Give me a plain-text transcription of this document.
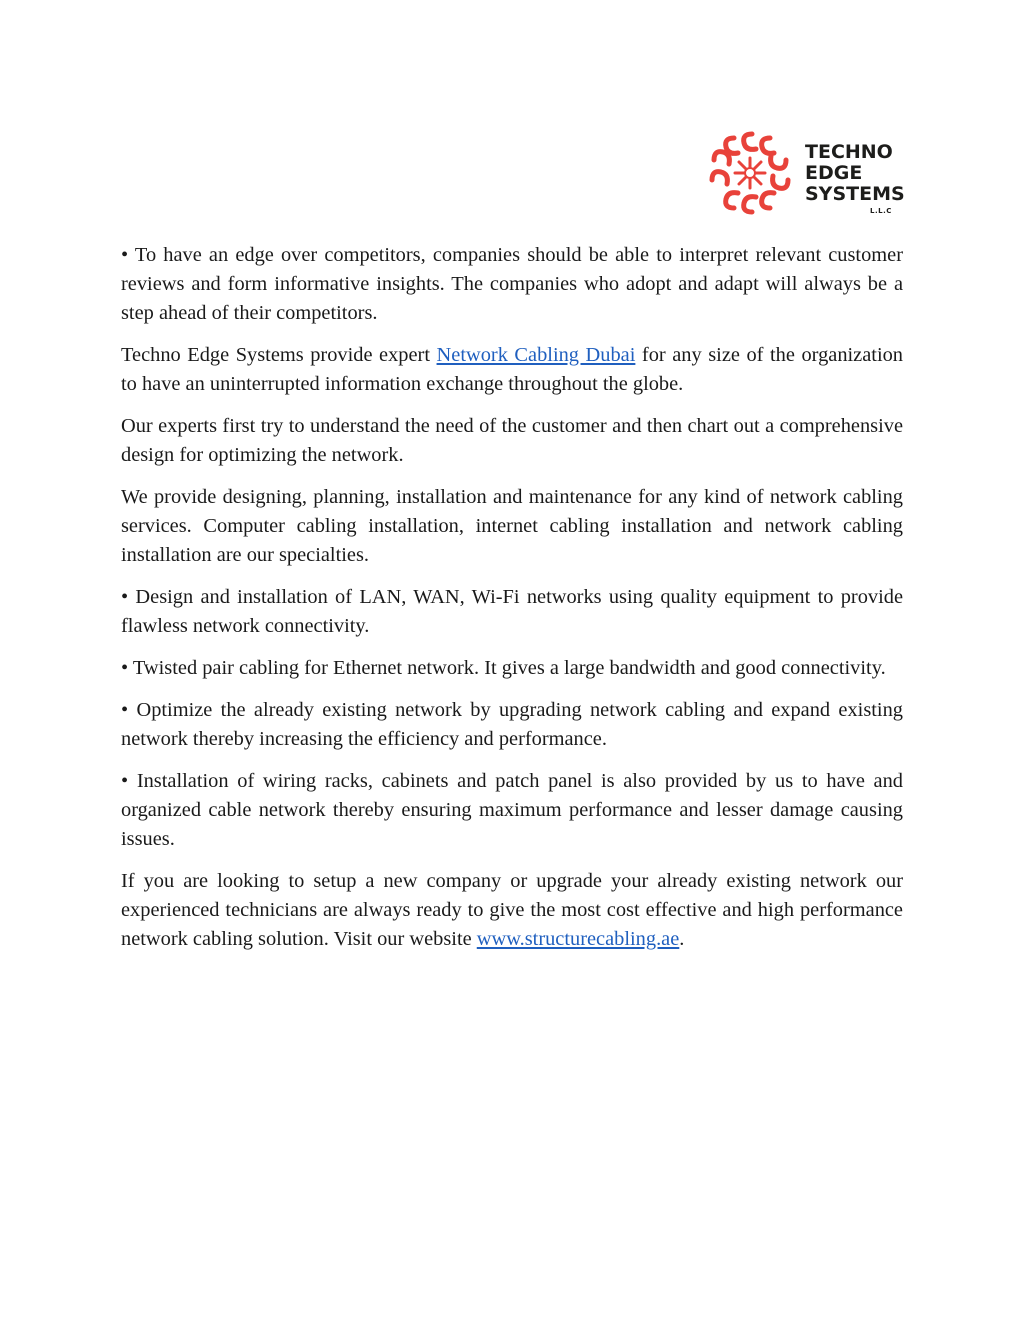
TECHNO
EDGE
SYSTEMS
L.L.C

• To have an edge over competitors, companies should be able to interpret relevant customer reviews and form informative insights. The companies who adopt and adapt will always be a step ahead of their competitors.

Techno Edge Systems provide expert Network Cabling Dubai for any size of the organization to have an uninterrupted information exchange throughout the globe.

Our experts first try to understand the need of the customer and then chart out a comprehensive design for optimizing the network.

We provide designing, planning, installation and maintenance for any kind of network cabling services. Computer cabling installation, internet cabling installation and network cabling installation are our specialties.

• Design and installation of LAN, WAN, Wi-Fi networks using quality equipment to provide flawless network connectivity.

• Twisted pair cabling for Ethernet network. It gives a large bandwidth and good connectivity.

• Optimize the already existing network by upgrading network cabling and expand existing network thereby increasing the efficiency and performance.

• Installation of wiring racks, cabinets and patch panel is also provided by us to have and organized cable network thereby ensuring maximum performance and lesser damage causing issues.

If you are looking to setup a new company or upgrade your already existing network our experienced technicians are always ready to give the most cost effective and high performance network cabling solution. Visit our website www.structurecabling.ae.
